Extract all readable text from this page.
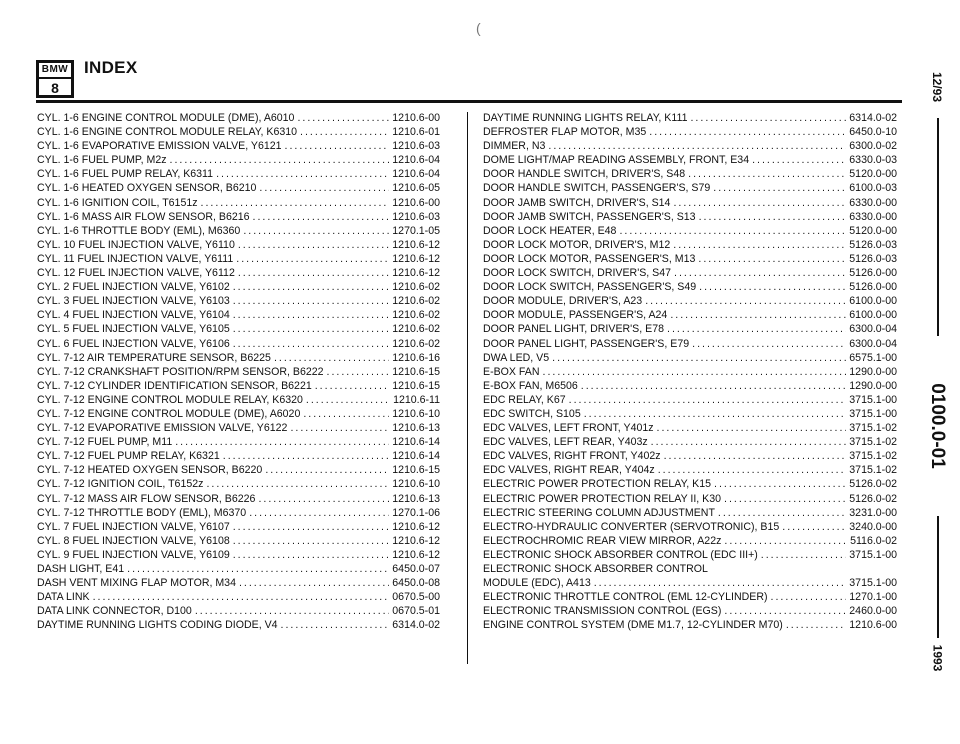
(
BMW
8
INDEX
CYL. 1-6 ENGINE CONTROL MODULE (DME), A6010 .....	1210.6-00
CYL. 1-6 ENGINE CONTROL MODULE RELAY, K6310 .....	1210.6-01
CYL. 1-6 EVAPORATIVE EMISSION VALVE, Y6121 .....	1210.6-03
CYL. 1-6 FUEL PUMP, M2z .....	1210.6-04
CYL. 1-6 FUEL PUMP RELAY, K6311 .....	1210.6-04
CYL. 1-6 HEATED OXYGEN SENSOR, B6210 .....	1210.6-05
CYL. 1-6 IGNITION COIL, T6151z .....	1210.6-00
CYL. 1-6 MASS AIR FLOW SENSOR, B6216 .....	1210.6-03
CYL. 1-6 THROTTLE BODY (EML), M6360 .....	1270.1-05
CYL. 10 FUEL INJECTION VALVE, Y6110 .....	1210.6-12
CYL. 11 FUEL INJECTION VALVE, Y6111 .....	1210.6-12
CYL. 12 FUEL INJECTION VALVE, Y6112 .....	1210.6-12
CYL. 2 FUEL INJECTION VALVE, Y6102 .....	1210.6-02
CYL. 3 FUEL INJECTION VALVE, Y6103 .....	1210.6-02
CYL. 4 FUEL INJECTION VALVE, Y6104 .....	1210.6-02
CYL. 5 FUEL INJECTION VALVE, Y6105 .....	1210.6-02
CYL. 6 FUEL INJECTION VALVE, Y6106 .....	1210.6-02
CYL. 7-12 AIR TEMPERATURE SENSOR, B6225 .....	1210.6-16
CYL. 7-12 CRANKSHAFT POSITION/RPM SENSOR, B6222 .....	1210.6-15
CYL. 7-12 CYLINDER IDENTIFICATION SENSOR, B6221 .....	1210.6-15
CYL. 7-12 ENGINE CONTROL MODULE RELAY, K6320 .....	1210.6-11
CYL. 7-12 ENGINE CONTROL MODULE (DME), A6020 .....	1210.6-10
CYL. 7-12 EVAPORATIVE EMISSION VALVE, Y6122 .....	1210.6-13
CYL. 7-12 FUEL PUMP, M11 .....	1210.6-14
CYL. 7-12 FUEL PUMP RELAY, K6321 .....	1210.6-14
CYL. 7-12 HEATED OXYGEN SENSOR, B6220 .....	1210.6-15
CYL. 7-12 IGNITION COIL, T6152z .....	1210.6-10
CYL. 7-12 MASS AIR FLOW SENSOR, B6226 .....	1210.6-13
CYL. 7-12 THROTTLE BODY (EML), M6370 .....	1270.1-06
CYL. 7 FUEL INJECTION VALVE, Y6107 .....	1210.6-12
CYL. 8 FUEL INJECTION VALVE, Y6108 .....	1210.6-12
CYL. 9 FUEL INJECTION VALVE, Y6109 .....	1210.6-12
DASH LIGHT, E41 .....	6450.0-07
DASH VENT MIXING FLAP MOTOR, M34 .....	6450.0-08
DATA LINK .....	0670.5-00
DATA LINK CONNECTOR, D100 .....	0670.5-01
DAYTIME RUNNING LIGHTS CODING DIODE, V4 .....	6314.0-02
DAYTIME RUNNING LIGHTS RELAY, K111 .....	6314.0-02
DEFROSTER FLAP MOTOR, M35 .....	6450.0-10
DIMMER, N3 .....	6300.0-02
DOME LIGHT/MAP READING ASSEMBLY, FRONT, E34 .....	6330.0-03
DOOR HANDLE SWITCH, DRIVER'S, S48 .....	5120.0-00
DOOR HANDLE SWITCH, PASSENGER'S, S79 .....	6100.0-03
DOOR JAMB SWITCH, DRIVER'S, S14 .....	6330.0-00
DOOR JAMB SWITCH, PASSENGER'S, S13 .....	6330.0-00
DOOR LOCK HEATER, E48 .....	5120.0-00
DOOR LOCK MOTOR, DRIVER'S, M12 .....	5126.0-03
DOOR LOCK MOTOR, PASSENGER'S, M13 .....	5126.0-03
DOOR LOCK SWITCH, DRIVER'S, S47 .....	5126.0-00
DOOR LOCK SWITCH, PASSENGER'S, S49 .....	5126.0-00
DOOR MODULE, DRIVER'S, A23 .....	6100.0-00
DOOR MODULE, PASSENGER'S, A24 .....	6100.0-00
DOOR PANEL LIGHT, DRIVER'S, E78 .....	6300.0-04
DOOR PANEL LIGHT, PASSENGER'S, E79 .....	6300.0-04
DWA LED, V5 .....	6575.1-00
E-BOX FAN .....	1290.0-00
E-BOX FAN, M6506 .....	1290.0-00
EDC RELAY, K67 .....	3715.1-00
EDC SWITCH, S105 .....	3715.1-00
EDC VALVES, LEFT FRONT, Y401z .....	3715.1-02
EDC VALVES, LEFT REAR, Y403z .....	3715.1-02
EDC VALVES, RIGHT FRONT, Y402z .....	3715.1-02
EDC VALVES, RIGHT REAR, Y404z .....	3715.1-02
ELECTRIC POWER PROTECTION RELAY, K15 .....	5126.0-02
ELECTRIC POWER PROTECTION RELAY II, K30 .....	5126.0-02
ELECTRIC STEERING COLUMN ADJUSTMENT .....	3231.0-00
ELECTRO-HYDRAULIC CONVERTER (SERVOTRONIC), B15 .....	3240.0-00
ELECTROCHROMIC REAR VIEW MIRROR, A22z .....	5116.0-02
ELECTRONIC SHOCK ABSORBER CONTROL (EDC III+) .....	3715.1-00
ELECTRONIC SHOCK ABSORBER CONTROL
MODULE (EDC), A413 .....	3715.1-00
ELECTRONIC THROTTLE CONTROL (EML 12-CYLINDER) .....	1270.1-00
ELECTRONIC TRANSMISSION CONTROL (EGS) .....	2460.0-00
ENGINE CONTROL SYSTEM (DME M1.7, 12-CYLINDER M70) .....	1210.6-00
12/93
0100.0-01
1993
